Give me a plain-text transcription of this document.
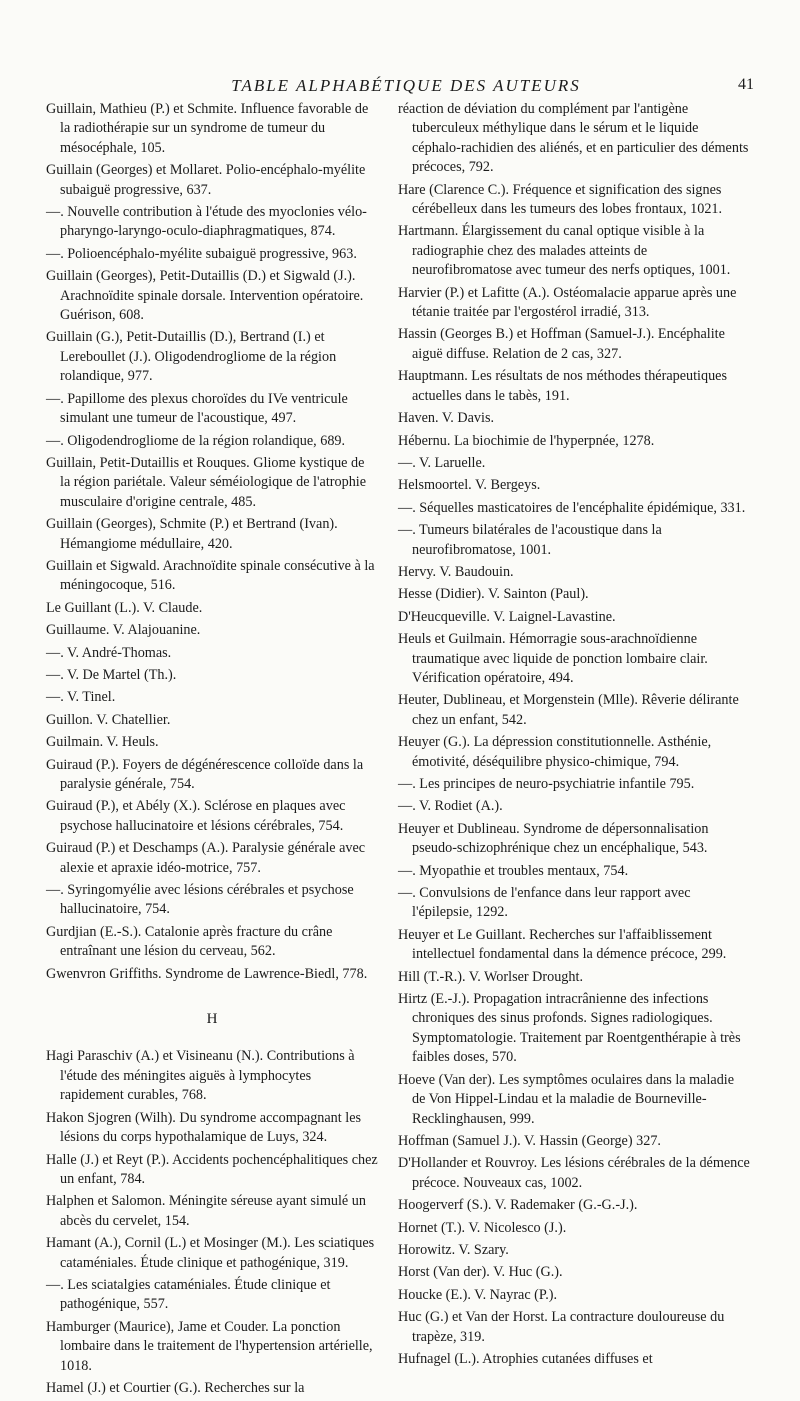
TABLE ALPHABÉTIQUE DES AUTEURS	41

Guillain, Mathieu (P.) et Schmite. Influence favorable de la radiothérapie sur un syndrome de tumeur du mésocéphale, 105.

Guillain (Georges) et Mollaret. Polio-encéphalo-myélite subaiguë progressive, 637.

—. Nouvelle contribution à l'étude des myoclonies vélo-pharyngo-laryngo-oculo-diaphragmatiques, 874.

—. Polioencéphalo-myélite subaiguë progressive, 963.

Guillain (Georges), Petit-Dutaillis (D.) et Sigwald (J.). Arachnoïdite spinale dorsale. Intervention opératoire. Guérison, 608.

Guillain (G.), Petit-Dutaillis (D.), Bertrand (I.) et Lereboullet (J.). Oligodendrogliome de la région rolandique, 977.

—. Papillome des plexus choroïdes du IVe ventricule simulant une tumeur de l'acoustique, 497.

—. Oligodendrogliome de la région rolandique, 689.

Guillain, Petit-Dutaillis et Rouques. Gliome kystique de la région pariétale. Valeur séméiologique de l'atrophie musculaire d'origine centrale, 485.

Guillain (Georges), Schmite (P.) et Bertrand (Ivan). Hémangiome médullaire, 420.

Guillain et Sigwald. Arachnoïdite spinale consécutive à la méningocoque, 516.

Le Guillant (L.). V. Claude.

Guillaume. V. Alajouanine.

—. V. André-Thomas.

—. V. De Martel (Th.).

—. V. Tinel.

Guillon. V. Chatellier.

Guilmain. V. Heuls.

Guiraud (P.). Foyers de dégénérescence colloïde dans la paralysie générale, 754.

Guiraud (P.), et Abély (X.). Sclérose en plaques avec psychose hallucinatoire et lésions cérébrales, 754.

Guiraud (P.) et Deschamps (A.). Paralysie générale avec alexie et apraxie idéo-motrice, 757.

—. Syringomyélie avec lésions cérébrales et psychose hallucinatoire, 754.

Gurdjian (E.-S.). Catalonie après fracture du crâne entraînant une lésion du cerveau, 562.

Gwenvron Griffiths. Syndrome de Lawrence-Biedl, 778.

H

Hagi Paraschiv (A.) et Visineanu (N.). Contributions à l'étude des méningites aiguës à lymphocytes rapidement curables, 768.

Hakon Sjogren (Wilh). Du syndrome accompagnant les lésions du corps hypothalamique de Luys, 324.

Halle (J.) et Reyt (P.). Accidents pochencéphalitiques chez un enfant, 784.

Halphen et Salomon. Méningite séreuse ayant simulé un abcès du cervelet, 154.

Hamant (A.), Cornil (L.) et Mosinger (M.). Les sciatiques cataméniales. Étude clinique et pathogénique, 319.

—. Les sciatalgies cataméniales. Étude clinique et pathogénique, 557.

Hamburger (Maurice), Jame et Couder. La ponction lombaire dans le traitement de l'hypertension artérielle, 1018.

Hamel (J.) et Courtier (G.). Recherches sur la

réaction de déviation du complément par l'antigène tuberculeux méthylique dans le sérum et le liquide céphalo-rachidien des aliénés, et en particulier des déments précoces, 792.

Hare (Clarence C.). Fréquence et signification des signes cérébelleux dans les tumeurs des lobes frontaux, 1021.

Hartmann. Élargissement du canal optique visible à la radiographie chez des malades atteints de neurofibromatose avec tumeur des nerfs optiques, 1001.

Harvier (P.) et Lafitte (A.). Ostéomalacie apparue après une tétanie traitée par l'ergostérol irradié, 313.

Hassin (Georges B.) et Hoffman (Samuel-J.). Encéphalite aiguë diffuse. Relation de 2 cas, 327.

Hauptmann. Les résultats de nos méthodes thérapeutiques actuelles dans le tabès, 191.

Haven. V. Davis.

Hébernu. La biochimie de l'hyperpnée, 1278.

—. V. Laruelle.

Helsmoortel. V. Bergeys.

—. Séquelles masticatoires de l'encéphalite épidémique, 331.

—. Tumeurs bilatérales de l'acoustique dans la neurofibromatose, 1001.

Hervy. V. Baudouin.

Hesse (Didier). V. Sainton (Paul).

D'Heucqueville. V. Laignel-Lavastine.

Heuls et Guilmain. Hémorragie sous-arachnoïdienne traumatique avec liquide de ponction lombaire clair. Vérification opératoire, 494.

Heuter, Dublineau, et Morgenstein (Mlle). Rêverie délirante chez un enfant, 542.

Heuyer (G.). La dépression constitutionnelle. Asthénie, émotivité, déséquilibre physico-chimique, 794.

—. Les principes de neuro-psychiatrie infantile 795.

—. V. Rodiet (A.).

Heuyer et Dublineau. Syndrome de dépersonnalisation pseudo-schizophrénique chez un encéphalique, 543.

—. Myopathie et troubles mentaux, 754.

—. Convulsions de l'enfance dans leur rapport avec l'épilepsie, 1292.

Heuyer et Le Guillant. Recherches sur l'affaiblissement intellectuel fondamental dans la démence précoce, 299.

Hill (T.-R.). V. Worlser Drought.

Hirtz (E.-J.). Propagation intracrânienne des infections chroniques des sinus profonds. Signes radiologiques. Symptomatologie. Traitement par Roentgenthérapie à très faibles doses, 570.

Hoeve (Van der). Les symptômes oculaires dans la maladie de Von Hippel-Lindau et la maladie de Bourneville-Recklinghausen, 999.

Hoffman (Samuel J.). V. Hassin (George) 327.

D'Hollander et Rouvroy. Les lésions cérébrales de la démence précoce. Nouveaux cas, 1002.

Hoogerverf (S.). V. Rademaker (G.-G.-J.).

Hornet (T.). V. Nicolesco (J.).

Horowitz. V. Szary.

Horst (Van der). V. Huc (G.).

Houcke (E.). V. Nayrac (P.).

Huc (G.) et Van der Horst. La contracture douloureuse du trapèze, 319.

Hufnagel (L.). Atrophies cutanées diffuses et
